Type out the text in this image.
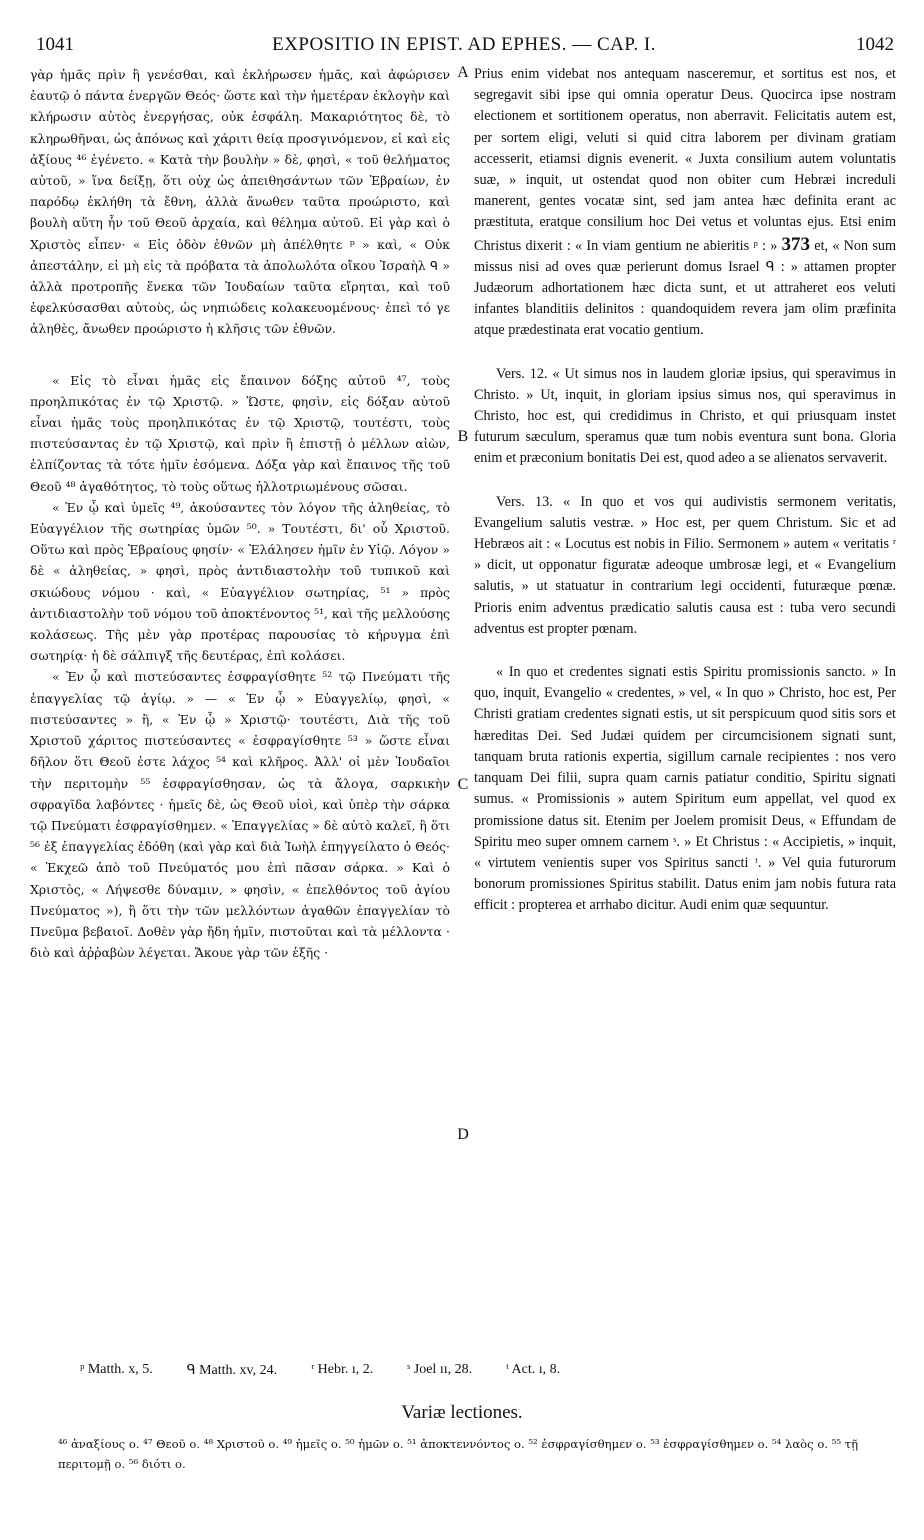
1041	EXPOSITIO IN EPIST. AD EPHES. — CAP. I.	1042
A
B
C
D

γὰρ ἡμᾶς πρὶν ἢ γενέσθαι, καὶ ἐκλήρωσεν ἡμᾶς, καὶ ἀφώρισεν ἑαυτῷ ὁ πάντα ἐνεργῶν Θεός· ὥστε καὶ τὴν ἡμετέραν ἐκλογὴν καὶ κλήρωσιν αὐτὸς ἐνεργήσας, οὐκ ἐσφάλη. Μακαριότητος δὲ, τὸ κληρωθῆναι, ὡς ἀπόνως καὶ χάριτι θείᾳ προσγινόμενον, εἰ καὶ εἰς ἀξίους ⁴⁶ ἐγένετο. « Κατὰ τὴν βουλὴν » δὲ, φησὶ, « τοῦ θελήματος αὐτοῦ, » ἵνα δείξῃ, ὅτι οὐχ ὡς ἀπειθησάντων τῶν Ἑβραίων, ἐν παρόδῳ ἐκλήθη τὰ ἔθνη, ἀλλὰ ἄνωθεν ταῦτα προώριστο, καὶ βουλὴ αὕτη ἦν τοῦ Θεοῦ ἀρχαία, καὶ θέλημα αὐτοῦ. Εἰ γὰρ καὶ ὁ Χριστὸς εἶπεν· « Εἰς ὁδὸν ἐθνῶν μὴ ἀπέλθητε ᵖ » καὶ, « Οὐκ ἀπεστάλην, εἰ μὴ εἰς τὰ πρόβατα τὰ ἀπολωλότα οἴκου Ἰσραὴλ ᑫ » ἀλλὰ προτροπῆς ἕνεκα τῶν Ἰουδαίων ταῦτα εἴρηται, καὶ τοῦ ἐφελκύσασθαι αὐτοὺς, ὡς νηπιώδεις κολακευομένους· ἐπεὶ τό γε ἀληθὲς, ἄνωθεν προώριστο ἡ κλῆσις τῶν ἐθνῶν.

« Εἰς τὸ εἶναι ἡμᾶς εἰς ἔπαινον δόξης αὐτοῦ ⁴⁷, τοὺς προηλπικότας ἐν τῷ Χριστῷ. » Ὥστε, φησὶν, εἰς δόξαν αὐτοῦ εἶναι ἡμᾶς τοὺς προηλπικότας ἐν τῷ Χριστῷ, τουτέστι, τοὺς πιστεύσαντας ἐν τῷ Χριστῷ, καὶ πρὶν ἢ ἐπιστῇ ὁ μέλλων αἰὼν, ἐλπίζοντας τὰ τότε ἡμῖν ἐσόμενα. Δόξα γὰρ καὶ ἔπαινος τῆς τοῦ Θεοῦ ⁴⁸ ἀγαθότητος, τὸ τοὺς οὕτως ἠλλοτριωμένους σῶσαι.

« Ἐν ᾧ καὶ ὑμεῖς ⁴⁹, ἀκούσαντες τὸν λόγον τῆς ἀληθείας, τὸ Εὐαγγέλιον τῆς σωτηρίας ὑμῶν ⁵⁰. » Τουτέστι, δι' οὗ Χριστοῦ. Οὕτω καὶ πρὸς Ἑβραίους φησίν· « Ἐλάλησεν ἡμῖν ἐν Υἱῷ. Λόγον » δὲ « ἀληθείας, » φησὶ, πρὸς ἀντιδιαστολὴν τοῦ τυπικοῦ καὶ σκιώδους νόμου · καὶ, « Εὐαγγέλιον σωτηρίας, ⁵¹ » πρὸς ἀντιδιαστολὴν τοῦ νόμου τοῦ ἀποκτένοντος ⁵¹, καὶ τῆς μελλούσης κολάσεως. Τῆς μὲν γὰρ προτέρας παρουσίας τὸ κήρυγμα ἐπὶ σωτηρίᾳ· ἡ δὲ σάλπιγξ τῆς δευτέρας, ἐπὶ κολάσει.

« Ἐν ᾧ καὶ πιστεύσαντες ἐσφραγίσθητε ⁵² τῷ Πνεύματι τῆς ἐπαγγελίας τῷ ἁγίῳ. » — « Ἐν ᾧ » Εὐαγγελίῳ, φησὶ, « πιστεύσαντες » ἢ, « Ἐν ᾧ » Χριστῷ· τουτέστι, Διὰ τῆς τοῦ Χριστοῦ χάριτος πιστεύσαντες « ἐσφραγίσθητε ⁵³ » ὥστε εἶναι δῆλον ὅτι Θεοῦ ἐστε λάχος ⁵⁴ καὶ κλῆρος. Ἀλλ' οἱ μὲν Ἰουδαῖοι τὴν περιτομὴν ⁵⁵ ἐσφραγίσθησαν, ὡς τὰ ἄλογα, σαρκικὴν σφραγῖδα λαβόντες · ἡμεῖς δὲ, ὡς Θεοῦ υἱοὶ, καὶ ὑπὲρ τὴν σάρκα τῷ Πνεύματι ἐσφραγίσθημεν. « Ἐπαγγελίας » δὲ αὐτὸ καλεῖ, ἢ ὅτι ⁵⁶ ἐξ ἐπαγγελίας ἐδόθη (καὶ γὰρ καὶ διὰ Ἰωὴλ ἐπηγγείλατο ὁ Θεός· « Ἐκχεῶ ἀπὸ τοῦ Πνεύματός μου ἐπὶ πᾶσαν σάρκα. » Καὶ ὁ Χριστὸς, « Λήψεσθε δύναμιν, » φησὶν, « ἐπελθόντος τοῦ ἁγίου Πνεύματος »), ἢ ὅτι τὴν τῶν μελλόντων ἀγαθῶν ἐπαγγελίαν τὸ Πνεῦμα βεβαιοῖ. Δοθὲν γὰρ ἤδη ἡμῖν, πιστοῦται καὶ τὰ μέλλοντα · διὸ καὶ ἀῤῥαβὼν λέγεται. Ἄκουε γὰρ τῶν ἑξῆς ·

Prius enim videbat nos antequam nasceremur, et sortitus est nos, et segregavit sibi ipse qui omnia operatur Deus. Quocirca ipse nostram electionem et sortitionem operatus, non aberravit. Felicitatis autem est, per sortem eligi, veluti si quid citra laborem per divinam gratiam accesserit, etiamsi dignis evenerit. « Juxta consilium autem voluntatis suæ, » inquit, ut ostendat quod non obiter cum Hebræi increduli manerent, gentes vocatæ sint, sed jam antea hæc definita erant ac præstituta, eratque consilium hoc Dei vetus et voluntas ejus. Etsi enim Christus dixerit : « In viam gentium ne abieritis ᵖ : » 373 et, « Non sum missus nisi ad oves quæ perierunt domus Israel ᑫ : » attamen propter Judæorum adhortationem hæc dicta sunt, et ut attraheret eos veluti infantes blanditiis delinitos : quandoquidem revera jam olim præfinita atque prædestinata erat vocatio gentium.

Vers. 12. « Ut simus nos in laudem gloriæ ipsius, qui speravimus in Christo. » Ut, inquit, in gloriam ipsius simus nos, qui speravimus in Christo, hoc est, qui credidimus in Christo, et qui priusquam instet futurum sæculum, speramus quæ tum nobis eventura sunt bona. Gloria enim et præconium bonitatis Dei est, quod adeo a se alienatos servaverit.

Vers. 13. « In quo et vos qui audivistis sermonem veritatis, Evangelium salutis vestræ. » Hoc est, per quem Christum. Sic et ad Hebræos ait : « Locutus est nobis in Filio. Sermonem » autem « veritatis ʳ » dicit, ut opponatur figuratæ adeoque umbrosæ legi, et « Evangelium salutis, » ut statuatur in contrarium legi occidenti, futuræque pœnæ. Prioris enim adventus prædicatio salutis causa est : tuba vero secundi adventus est propter pœnam.

« In quo et credentes signati estis Spiritu promissionis sancto. » In quo, inquit, Evangelio « credentes, » vel, « In quo » Christo, hoc est, Per Christi gratiam credentes signati estis, ut sit perspicuum quod sitis sors et hæreditas Dei. Sed Judæi quidem per circumcisionem signati sunt, tanquam bruta rationis expertia, sigillum carnale recipientes : nos vero tanquam Dei filii, supra quam carnis patiatur conditio, Spiritu signati sumus. « Promissionis » autem Spiritum eum appellat, vel quod ex promissione datus sit. Etenim per Joelem promisit Deus, « Effundam de Spiritu meo super omnem carnem ˢ. » Et Christus : « Accipietis, » inquit, « virtutem venientis super vos Spiritus sancti ᵗ. » Vel quia futurorum bonorum promissiones Spiritus stabilit. Datus enim jam nobis futura rata efficit : propterea et arrhabo dicitur. Audi enim quæ sequuntur.

ᵖ Matth. x, 5. ᑫ Matth. xv, 24. ʳ Hebr. ı, 2. ˢ Joel ıı, 28. ᵗ Act. ı, 8.
Variæ lectiones.
⁴⁶ ἀναξίους ο. ⁴⁷ Θεοῦ ο. ⁴⁸ Χριστοῦ ο. ⁴⁹ ἡμεῖς ο. ⁵⁰ ἡμῶν ο. ⁵¹ ἀποκτεννόντος ο. ⁵² ἐσφραγίσθημεν ο. ⁵³ ἐσφραγίσθημεν ο. ⁵⁴ λαὸς ο. ⁵⁵ τῇ περιτομῇ ο. ⁵⁶ διότι ο.
